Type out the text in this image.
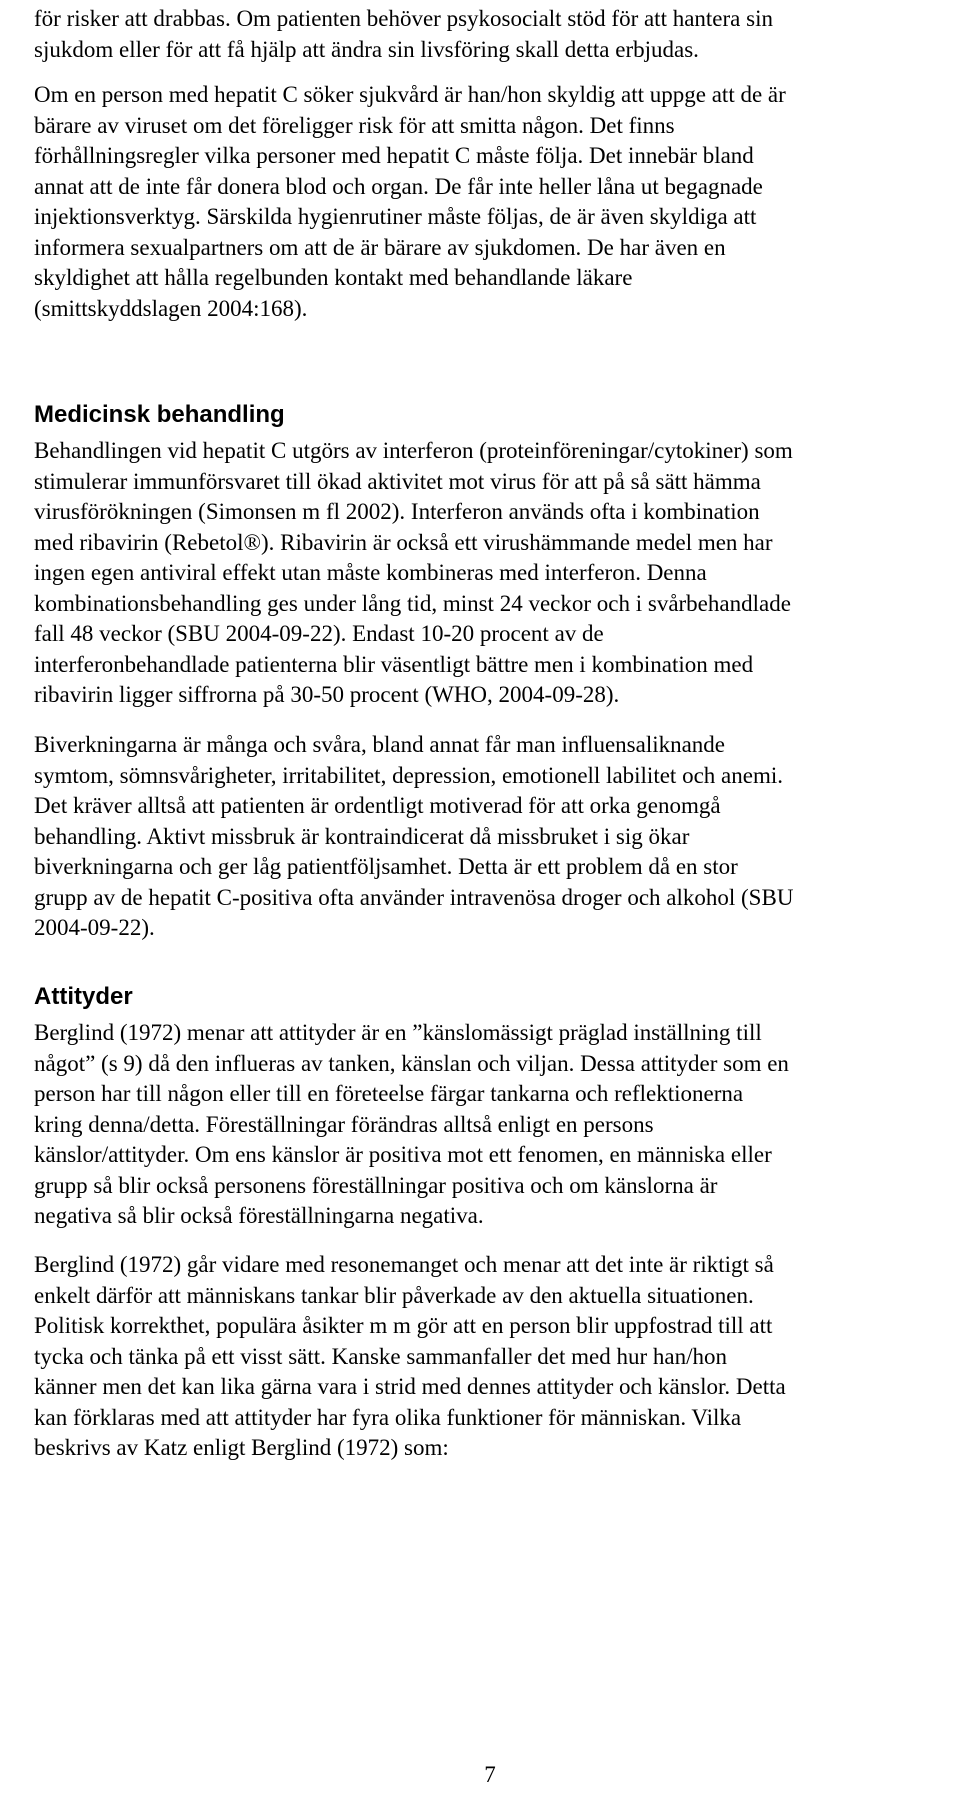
för risker att drabbas. Om patienten behöver psykosocialt stöd för att hantera sin
sjukdom eller för att få hjälp att ändra sin livsföring skall detta erbjudas.

Om en person med hepatit C söker sjukvård är han/hon skyldig att uppge att de är
bärare av viruset om det föreligger risk för att smitta någon. Det finns
förhållningsregler vilka personer med hepatit C måste följa. Det innebär bland
annat att de inte får donera blod och organ. De får inte heller låna ut begagnade
injektionsverktyg. Särskilda hygienrutiner måste följas, de är även skyldiga att
informera sexualpartners om att de är bärare av sjukdomen. De har även en
skyldighet att hålla regelbunden kontakt med behandlande läkare
(smittskyddslagen 2004:168).

Medicinsk behandling

Behandlingen vid hepatit C utgörs av interferon (proteinföreningar/cytokiner) som
stimulerar immunförsvaret till ökad aktivitet mot virus för att på så sätt hämma
virusförökningen (Simonsen m fl 2002). Interferon används ofta i kombination
med ribavirin (Rebetol®). Ribavirin är också ett virushämmande medel men har
ingen egen antiviral effekt utan måste kombineras med interferon. Denna
kombinationsbehandling ges under lång tid, minst 24 veckor och i svårbehandlade
fall 48 veckor (SBU 2004-09-22). Endast 10-20 procent av de
interferonbehandlade patienterna blir väsentligt bättre men i kombination med
ribavirin ligger siffrorna på 30-50 procent (WHO, 2004-09-28).

Biverkningarna är många och svåra, bland annat får man influensaliknande
symtom, sömnsvårigheter, irritabilitet, depression, emotionell labilitet och anemi.
Det kräver alltså att patienten är ordentligt motiverad för att orka genomgå
behandling. Aktivt missbruk är kontraindicerat då missbruket i sig ökar
biverkningarna och ger låg patientföljsamhet. Detta är ett problem då en stor
grupp av de hepatit C-positiva ofta använder intravenösa droger och alkohol (SBU
2004-09-22).

Attityder

Berglind (1972) menar att attityder är en ”känslomässigt präglad inställning till
något” (s 9) då den influeras av tanken, känslan och viljan. Dessa attityder som en
person har till någon eller till en företeelse färgar tankarna och reflektionerna
kring denna/detta. Föreställningar förändras alltså enligt en persons
känslor/attityder. Om ens känslor är positiva mot ett fenomen, en människa eller
grupp så blir också personens föreställningar positiva och om känslorna är
negativa så blir också föreställningarna negativa.

Berglind (1972) går vidare med resonemanget och menar att det inte är riktigt så
enkelt därför att människans tankar blir påverkade av den aktuella situationen.
Politisk korrekthet, populära åsikter m m gör att en person blir uppfostrad till att
tycka och tänka på ett visst sätt. Kanske sammanfaller det med hur han/hon
känner men det kan lika gärna vara i strid med dennes attityder och känslor. Detta
kan förklaras med att attityder har fyra olika funktioner för människan. Vilka
beskrivs av Katz enligt Berglind (1972) som:

7
